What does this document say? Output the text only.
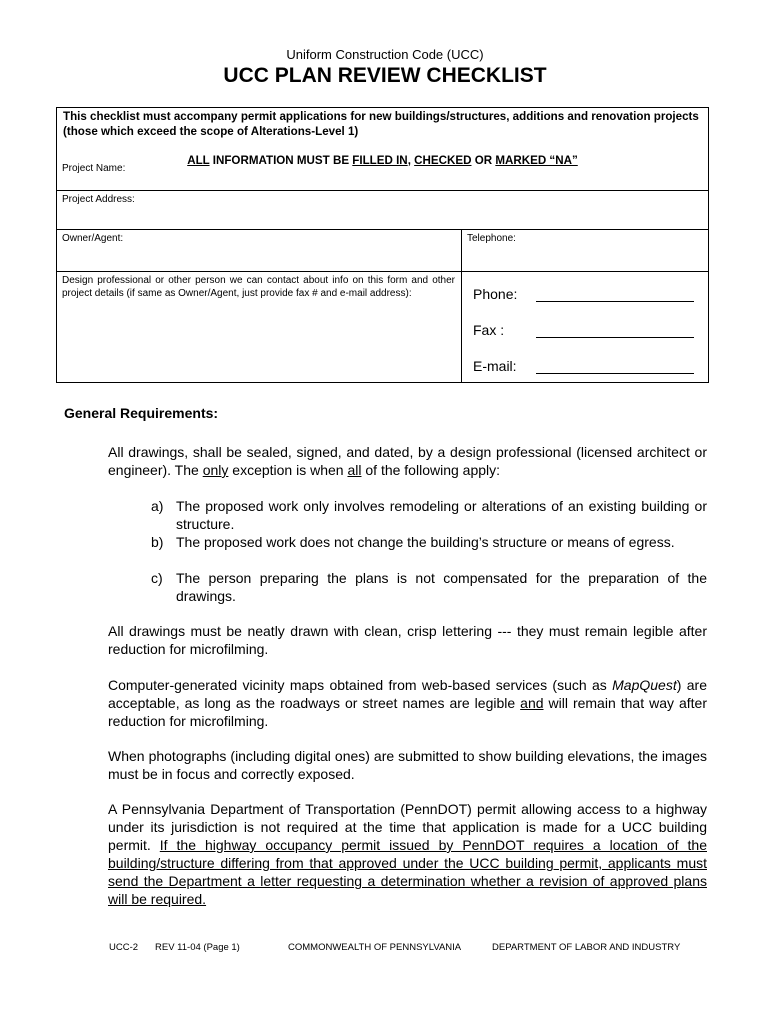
Uniform Construction Code (UCC)
UCC PLAN REVIEW CHECKLIST
This checklist must accompany permit applications for new buildings/structures, additions and renovation projects (those which exceed the scope of Alterations-Level 1)
ALL INFORMATION MUST BE FILLED IN, CHECKED OR MARKED “NA”
Project Name:
Project Address:
Owner/Agent:	Telephone:
Design professional or other person we can contact about info on this form and other project details (if same as Owner/Agent, just provide fax # and e-mail address):	Phone:
Fax :
E-mail:
General Requirements:
All drawings, shall be sealed, signed, and dated, by a design professional (licensed architect or engineer). The only exception is when all of the following apply:
a) The proposed work only involves remodeling or alterations of an existing building or structure.
b) The proposed work does not change the building’s structure or means of egress.
c) The person preparing the plans is not compensated for the preparation of the drawings.
All drawings must be neatly drawn with clean, crisp lettering --- they must remain legible after reduction for microfilming.
Computer-generated vicinity maps obtained from web-based services (such as MapQuest) are acceptable, as long as the roadways or street names are legible and will remain that way after reduction for microfilming.
When photographs (including digital ones) are submitted to show building elevations, the images must be in focus and correctly exposed.
A Pennsylvania Department of Transportation (PennDOT) permit allowing access to a highway under its jurisdiction is not required at the time that application is made for a UCC building permit. If the highway occupancy permit issued by PennDOT requires a location of the building/structure differing from that approved under the UCC building permit, applicants must send the Department a letter requesting a determination whether a revision of approved plans will be required.
UCC-2 REV 11-04 (Page 1)	COMMONWEALTH OF PENNSYLVANIA	DEPARTMENT OF LABOR AND INDUSTRY
